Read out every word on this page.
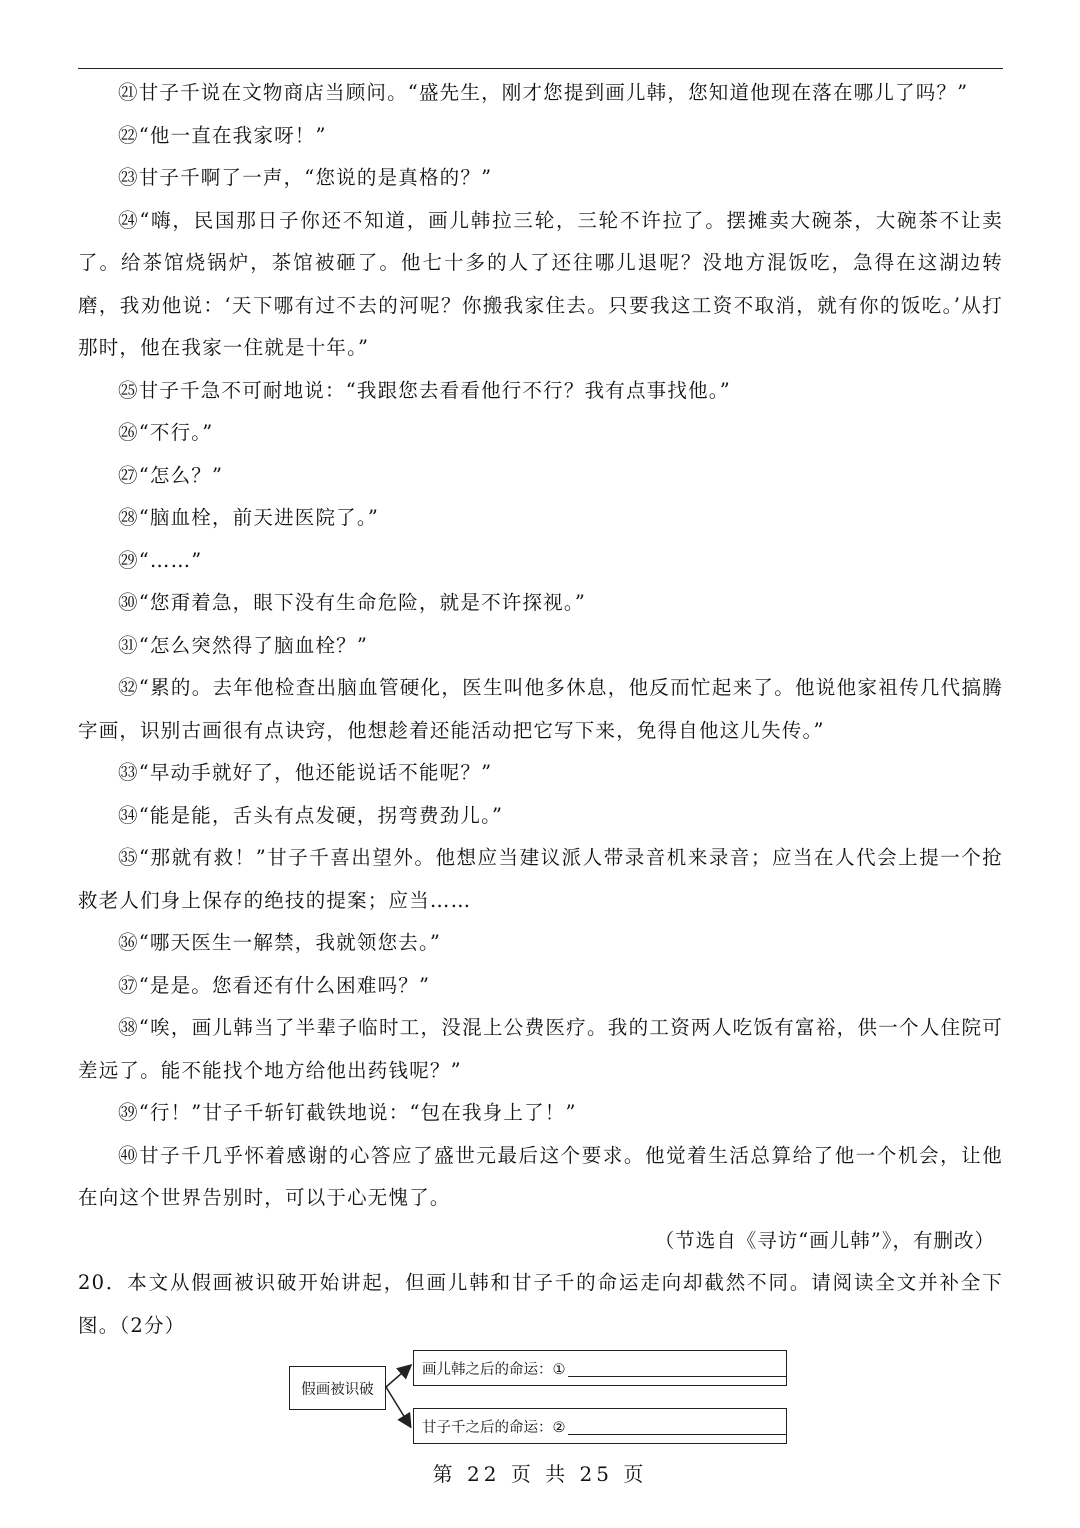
㉑甘子千说在文物商店当顾问。“盛先生，刚才您提到画儿韩，您知道他现在落在哪儿了吗？”

㉒“他一直在我家呀！”

㉓甘子千啊了一声，“您说的是真格的？”

㉔“嗨，民国那日子你还不知道，画儿韩拉三轮，三轮不许拉了。摆摊卖大碗茶，大碗茶不让卖了。给茶馆烧锅炉，茶馆被砸了。他七十多的人了还往哪儿退呢？没地方混饭吃，急得在这湖边转磨，我劝他说：‘天下哪有过不去的河呢？你搬我家住去。只要我这工资不取消，就有你的饭吃。’从打那时，他在我家一住就是十年。”

㉕甘子千急不可耐地说：“我跟您去看看他行不行？我有点事找他。”

㉖“不行。”

㉗“怎么？”

㉘“脑血栓，前天进医院了。”

㉙“……”

㉚“您甭着急，眼下没有生命危险，就是不许探视。”

㉛“怎么突然得了脑血栓？”

㉜“累的。去年他检查出脑血管硬化，医生叫他多休息，他反而忙起来了。他说他家祖传几代搞腾字画，识别古画很有点诀窍，他想趁着还能活动把它写下来，免得自他这儿失传。”

㉝“早动手就好了，他还能说话不能呢？”

㉞“能是能，舌头有点发硬，拐弯费劲儿。”

㉟“那就有救！”甘子千喜出望外。他想应当建议派人带录音机来录音；应当在人代会上提一个抢救老人们身上保存的绝技的提案；应当……

㊱“哪天医生一解禁，我就领您去。”

㊲“是是。您看还有什么困难吗？”

㊳“唉，画儿韩当了半辈子临时工，没混上公费医疗。我的工资两人吃饭有富裕，供一个人住院可差远了。能不能找个地方给他出药钱呢？”

㊴“行！”甘子千斩钉截铁地说：“包在我身上了！”

㊵甘子千几乎怀着感谢的心答应了盛世元最后这个要求。他觉着生活总算给了他一个机会，让他在向这个世界告别时，可以于心无愧了。

（节选自《寻访“画儿韩”》，有删改）

20．本文从假画被识破开始讲起，但画儿韩和甘子千的命运走向却截然不同。请阅读全文并补全下图。（2分）

假画被识破
画儿韩之后的命运：①
甘子千之后的命运：②
第 22 页 共 25 页
